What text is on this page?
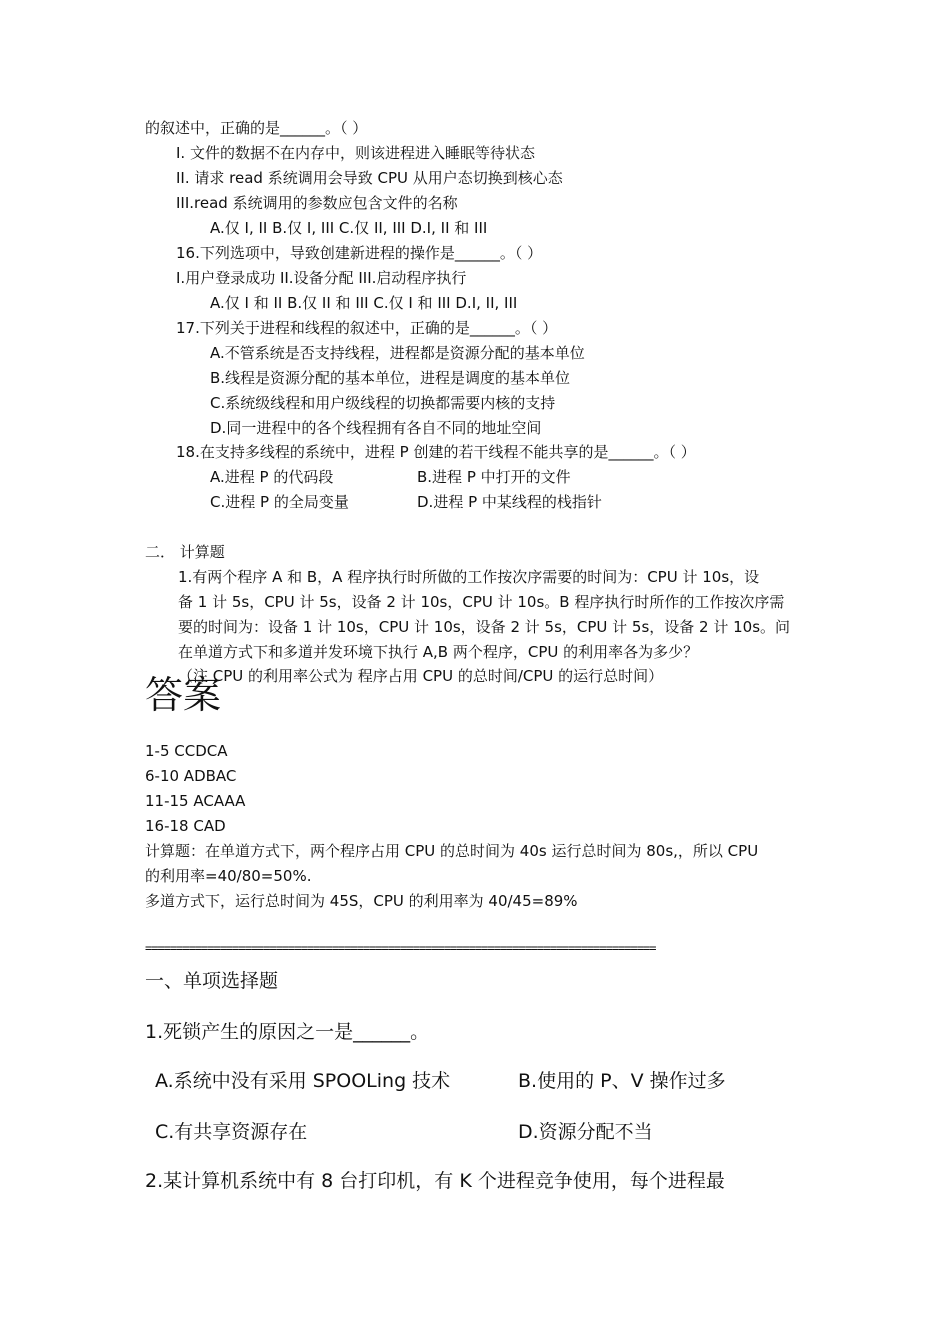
的叙述中，正确的是______。（ ）
I. 文件的数据不在内存中，则该进程进入睡眠等待状态
II. 请求 read 系统调用会导致 CPU 从用户态切换到核心态
III.read 系统调用的参数应包含文件的名称
A.仅 I, II B.仅 I, III C.仅 II, III D.I, II 和 III
16.下列选项中，导致创建新进程的操作是______。（ ）
I.用户登录成功 II.设备分配 III.启动程序执行
A.仅 I 和 II B.仅 II 和 III C.仅 I 和 III D.I, II, III
17.下列关于进程和线程的叙述中，正确的是______。（ ）
A.不管系统是否支持线程，进程都是资源分配的基本单位
B.线程是资源分配的基本单位，进程是调度的基本单位
C.系统级线程和用户级线程的切换都需要内核的支持
D.同一进程中的各个线程拥有各自不同的地址空间
18.在支持多线程的系统中，进程 P 创建的若干线程不能共享的是______。（ ）
A.进程 P 的代码段	B.进程 P 中打开的文件
C.进程 P 的全局变量	D.进程 P 中某线程的栈指针
二． 计算题
1.有两个程序 A 和 B，A 程序执行时所做的工作按次序需要的时间为：CPU 计 10s，设
备 1 计 5s，CPU 计 5s，设备 2 计 10s，CPU 计 10s。B 程序执行时所作的工作按次序需
要的时间为：设备 1 计 10s，CPU 计 10s，设备 2 计 5s，CPU 计 5s，设备 2 计 10s。问
在单道方式下和多道并发环境下执行 A,B 两个程序，CPU 的利用率各为多少？
（注 CPU 的利用率公式为 程序占用 CPU 的总时间/CPU 的运行总时间）
答案
1-5 CCDCA
6-10 ADBAC
11-15 ACAAA
16-18 CAD
计算题：在单道方式下，两个程序占用 CPU 的总时间为 40s 运行总时间为 80s,，所以 CPU
的利用率=40/80=50%.
多道方式下，运行总时间为 45S，CPU 的利用率为 40/45=89%
==================================================================================
一、单项选择题
1.死锁产生的原因之一是______。
A.系统中没有采用 SPOOLing 技术	B.使用的 P、V 操作过多
C.有共享资源存在	D.资源分配不当
2.某计算机系统中有 8 台打印机，有 K 个进程竞争使用，每个进程最
